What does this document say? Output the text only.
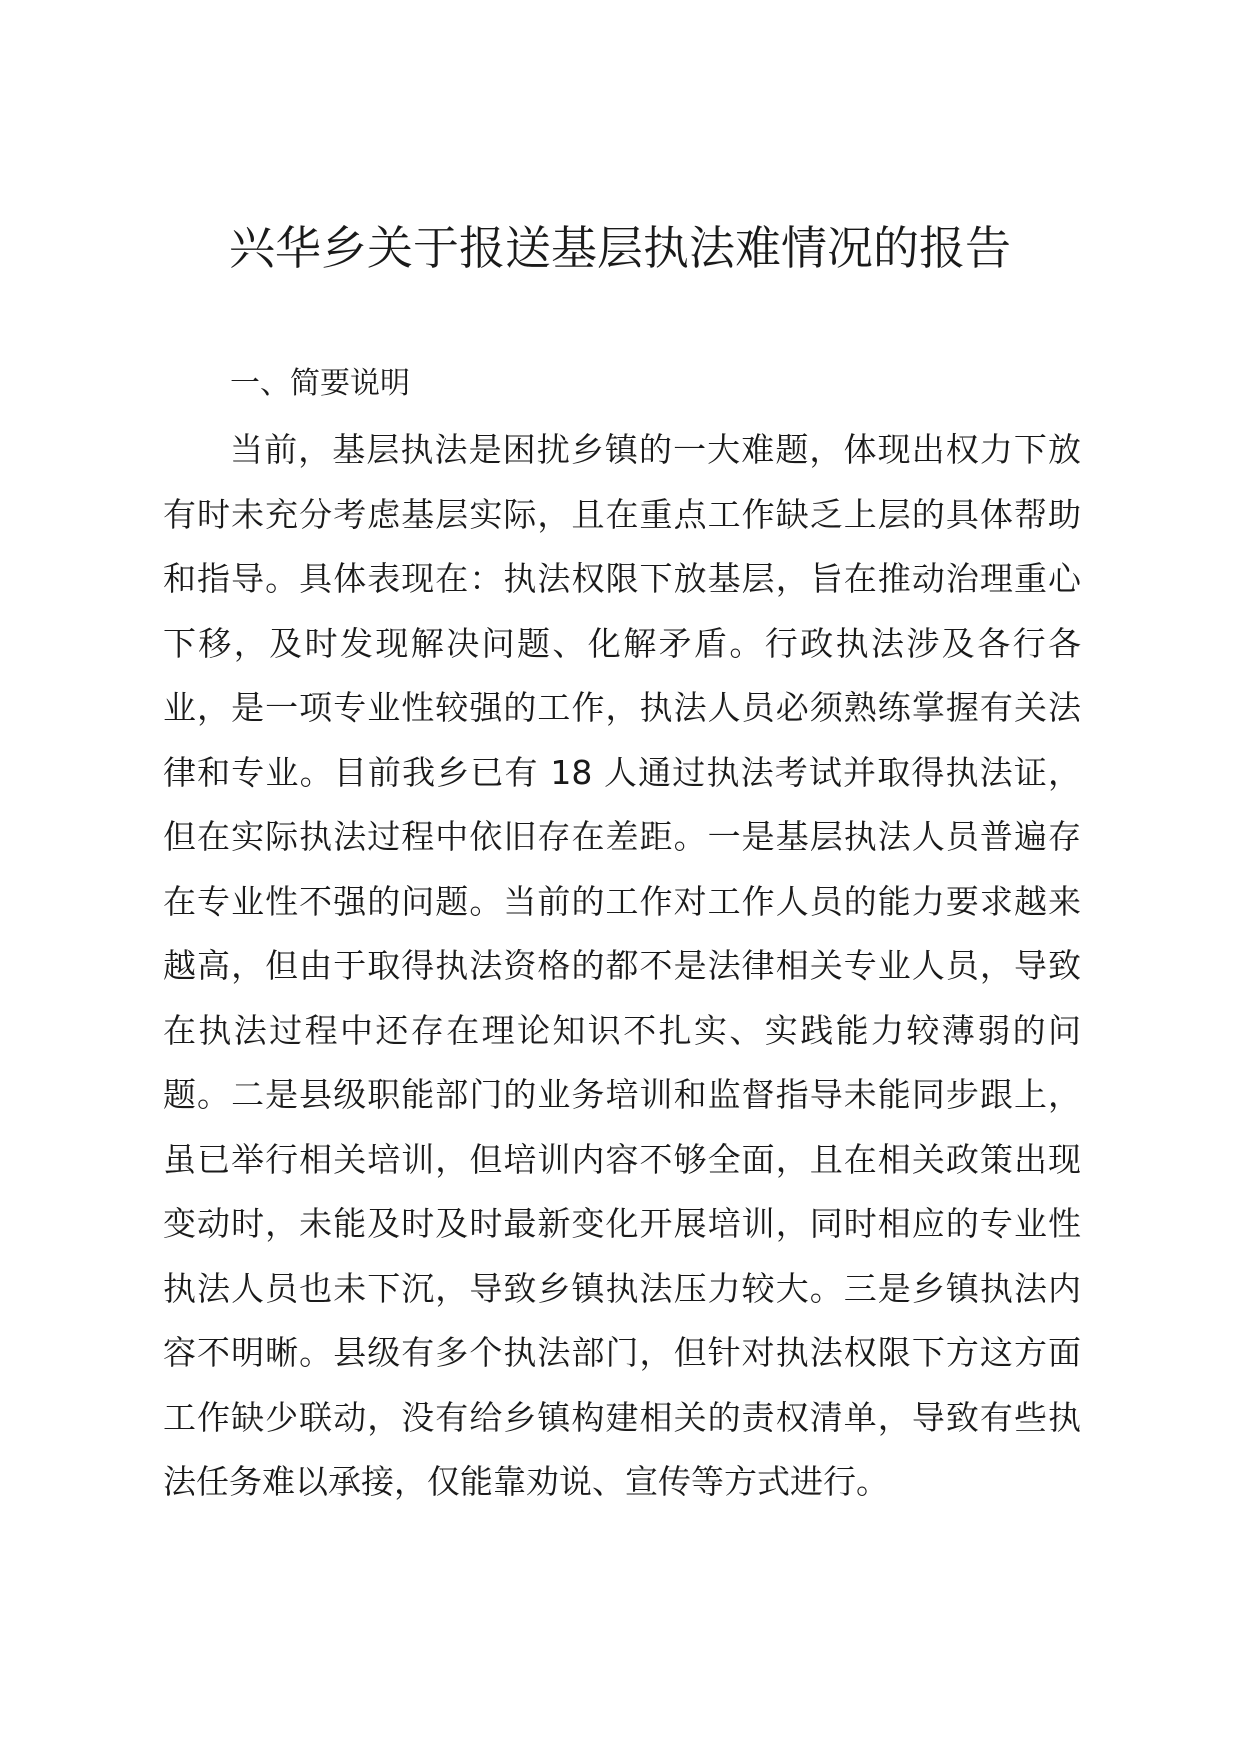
兴华乡关于报送基层执法难情况的报告
一、简要说明
当前，基层执法是困扰乡镇的一大难题，体现出权力下放
有时未充分考虑基层实际，且在重点工作缺乏上层的具体帮助
和指导。具体表现在：执法权限下放基层，旨在推动治理重心
下移，及时发现解决问题、化解矛盾。行政执法涉及各行各
业，是一项专业性较强的工作，执法人员必须熟练掌握有关法
律和专业。目前我乡已有 18 人通过执法考试并取得执法证，
但在实际执法过程中依旧存在差距。一是基层执法人员普遍存
在专业性不强的问题。当前的工作对工作人员的能力要求越来
越高，但由于取得执法资格的都不是法律相关专业人员，导致
在执法过程中还存在理论知识不扎实、实践能力较薄弱的问
题。二是县级职能部门的业务培训和监督指导未能同步跟上，
虽已举行相关培训，但培训内容不够全面，且在相关政策出现
变动时，未能及时及时最新变化开展培训，同时相应的专业性
执法人员也未下沉，导致乡镇执法压力较大。三是乡镇执法内
容不明晰。县级有多个执法部门，但针对执法权限下方这方面
工作缺少联动，没有给乡镇构建相关的责权清单，导致有些执
法任务难以承接，仅能靠劝说、宣传等方式进行。
